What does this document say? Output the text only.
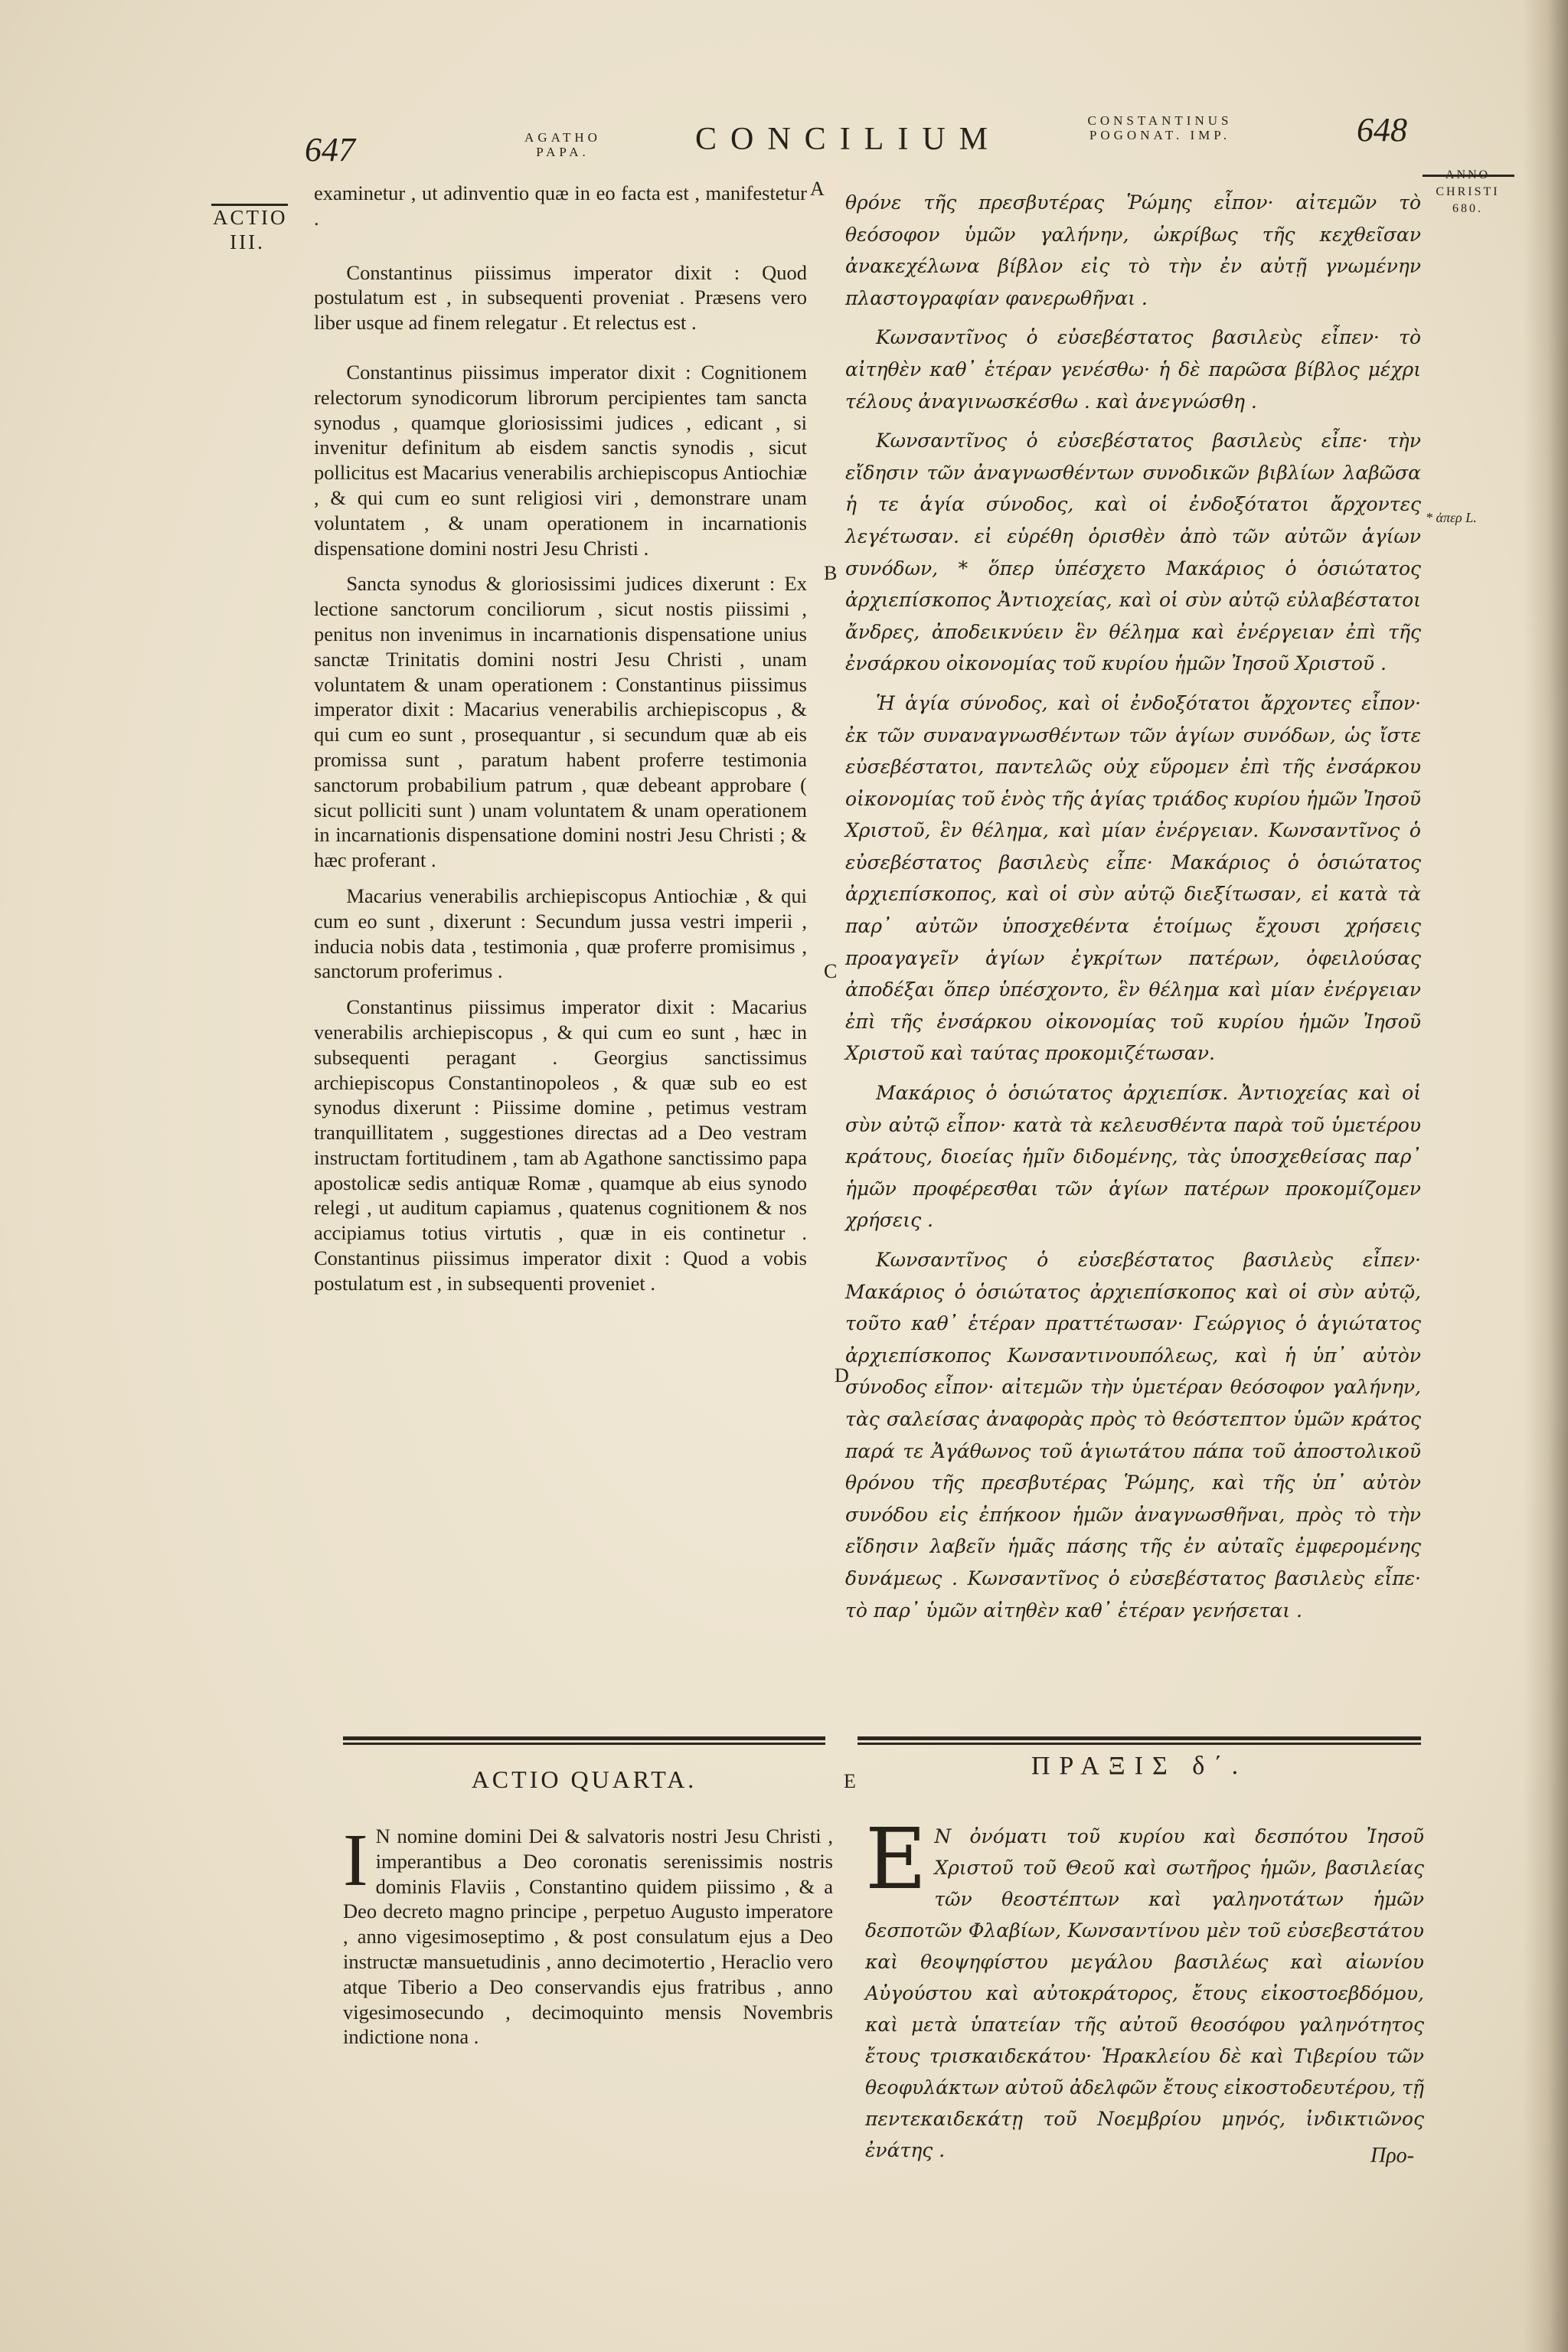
647	AGATHO
PAPA.	CONCILIUM
CONSTANTINUS
POGONAT. IMP.	648
ANNO
CHRISTI
680.
ACTIO
III.
A
B
C
D
E
* ἀπερ L.

examinetur , ut adinventio quæ in eo facta est , manifestetur .

Constantinus piissimus imperator dixit : Quod postulatum est , in subsequenti proveniat . Præsens vero liber usque ad finem relegatur . Et relectus est .

Constantinus piissimus imperator dixit : Cognitionem relectorum synodicorum librorum percipientes tam sancta synodus , quamque gloriosissimi judices , edicant , si invenitur definitum ab eisdem sanctis synodis , sicut pollicitus est Macarius venerabilis archiepiscopus Antiochiæ , & qui cum eo sunt religiosi viri , demonstrare unam voluntatem , & unam operationem in incarnationis dispensatione domini nostri Jesu Christi .

Sancta synodus & gloriosissimi judices dixerunt : Ex lectione sanctorum conciliorum , sicut nostis piissimi , penitus non invenimus in incarnationis dispensatione unius sanctæ Trinitatis domini nostri Jesu Christi , unam voluntatem & unam operationem : Constantinus piissimus imperator dixit : Macarius venerabilis archiepiscopus , & qui cum eo sunt , prosequantur , si secundum quæ ab eis promissa sunt , paratum habent proferre testimonia sanctorum probabilium patrum , quæ debeant approbare ( sicut polliciti sunt ) unam voluntatem & unam operationem in incarnationis dispensatione domini nostri Jesu Christi ; & hæc proferant .

Macarius venerabilis archiepiscopus Antiochiæ , & qui cum eo sunt , dixerunt : Secundum jussa vestri imperii , inducia nobis data , testimonia , quæ proferre promisimus , sanctorum proferimus .

Constantinus piissimus imperator dixit : Macarius venerabilis archiepiscopus , & qui cum eo sunt , hæc in subsequenti peragant . Georgius sanctissimus archiepiscopus Constantinopoleos , & quæ sub eo est synodus dixerunt : Piissime domine , petimus vestram tranquillitatem , suggestiones directas ad a Deo vestram instructam fortitudinem , tam ab Agathone sanctissimo papa apostolicæ sedis antiquæ Romæ , quamque ab eius synodo relegi , ut auditum capiamus , quatenus cognitionem & nos accipiamus totius virtutis , quæ in eis continetur . Constantinus piissimus imperator dixit : Quod a vobis postulatum est , in subsequenti proveniet .

θρόνε τῆς πρεσβυτέρας Ῥώμης εἶπον· αἰτεμῶν τὸ θεόσοφον ὑμῶν γαλήνην, ὠκρίβως τῆς κεχθεῖσαν ἀνακεχέλωνα βίβλον εἰς τὸ τὴν ἐν αὐτῇ γνωμένην πλαστογραφίαν φανερωθῆναι .

Κωνσαντῖνος ὁ εὐσεβέστατος βασιλεὺς εἶπεν· τὸ αἰτηθὲν καθ᾽ ἑτέραν γενέσθω· ἡ δὲ παρῶσα βίβλος μέχρι τέλους ἀναγινωσκέσθω . καὶ ἀνεγνώσθη .

Κωνσαντῖνος ὁ εὐσεβέστατος βασιλεὺς εἶπε· τὴν εἴδησιν τῶν ἀναγνωσθέντων συνοδικῶν βιβλίων λαβῶσα ἡ τε ἁγία σύνοδος, καὶ οἱ ἐνδοξότατοι ἄρχοντες λεγέτωσαν. εἰ εὑρέθη ὁρισθὲν ἀπὸ τῶν αὐτῶν ἁγίων συνόδων, * ὅπερ ὑπέσχετο Μακάριος ὁ ὁσιώτατος ἀρχιεπίσκοπος Ἀντιοχείας, καὶ οἱ σὺν αὐτῷ εὐλαβέστατοι ἄνδρες, ἀποδεικνύειν ἓν θέλημα καὶ ἐνέργειαν ἐπὶ τῆς ἐνσάρκου οἰκονομίας τοῦ κυρίου ἡμῶν Ἰησοῦ Χριστοῦ .

Ἡ ἁγία σύνοδος, καὶ οἱ ἐνδοξότατοι ἄρχοντες εἶπον· ἐκ τῶν συναναγνωσθέντων τῶν ἁγίων συνόδων, ὡς ἴστε εὐσεβέστατοι, παντελῶς οὐχ εὕρομεν ἐπὶ τῆς ἐνσάρκου οἰκονομίας τοῦ ἑνὸς τῆς ἁγίας τριάδος κυρίου ἡμῶν Ἰησοῦ Χριστοῦ, ἓν θέλημα, καὶ μίαν ἐνέργειαν. Κωνσαντῖνος ὁ εὐσεβέστατος βασιλεὺς εἶπε· Μακάριος ὁ ὁσιώτατος ἀρχιεπίσκοπος, καὶ οἱ σὺν αὐτῷ διεξίτωσαν, εἰ κατὰ τὰ παρ᾽ αὐτῶν ὑποσχεθέντα ἑτοίμως ἔχουσι χρήσεις προαγαγεῖν ἁγίων ἐγκρίτων πατέρων, ὀφειλούσας ἀποδέξαι ὅπερ ὑπέσχοντο, ἓν θέλημα καὶ μίαν ἐνέργειαν ἐπὶ τῆς ἐνσάρκου οἰκονομίας τοῦ κυρίου ἡμῶν Ἰησοῦ Χριστοῦ καὶ ταύτας προκομιζέτωσαν.

Μακάριος ὁ ὁσιώτατος ἀρχιεπίσκ. Ἀντιοχείας καὶ οἱ σὺν αὐτῷ εἶπον· κατὰ τὰ κελευσθέντα παρὰ τοῦ ὑμετέρου κράτους, διοείας ἡμῖν διδομένης, τὰς ὑποσχεθείσας παρ᾽ ἡμῶν προφέρεσθαι τῶν ἁγίων πατέρων προκομίζομεν χρήσεις .

Κωνσαντῖνος ὁ εὐσεβέστατος βασιλεὺς εἶπεν· Μακάριος ὁ ὁσιώτατος ἀρχιεπίσκοπος καὶ οἱ σὺν αὐτῷ, τοῦτο καθ᾽ ἑτέραν πραττέτωσαν· Γεώργιος ὁ ἁγιώτατος ἀρχιεπίσκοπος Κωνσαντινουπόλεως, καὶ ἡ ὑπ᾽ αὐτὸν σύνοδος εἶπον· αἰτεμῶν τὴν ὑμετέραν θεόσοφον γαλήνην, τὰς σαλείσας ἀναφορὰς πρὸς τὸ θεόστεπτον ὑμῶν κράτος παρά τε Ἀγάθωνος τοῦ ἁγιωτάτου πάπα τοῦ ἀποστολικοῦ θρόνου τῆς πρεσβυτέρας Ῥώμης, καὶ τῆς ὑπ᾽ αὐτὸν συνόδου εἰς ἐπήκοον ἡμῶν ἀναγνωσθῆναι, πρὸς τὸ τὴν εἴδησιν λαβεῖν ἡμᾶς πάσης τῆς ἐν αὐταῖς ἐμφερομένης δυνάμεως . Κωνσαντῖνος ὁ εὐσεβέστατος βασιλεὺς εἶπε· τὸ παρ᾽ ὑμῶν αἰτηθὲν καθ᾽ ἑτέραν γενήσεται .

ACTIO QUARTA.
I N nomine domini Dei & salvatoris nostri Jesu Christi , imperantibus a Deo coronatis serenissimis nostris dominis Flaviis , Constantino quidem piissimo , & a Deo decreto magno principe , perpetuo Augusto imperatore , anno vigesimoseptimo , & post consulatum ejus a Deo instructæ mansuetudinis , anno decimotertio , Heraclio vero atque Tiberio a Deo conservandis ejus fratribus , anno vigesimosecundo , decimoquinto mensis Novembris indictione nona .
ΠΡΑΞΙΣ δ΄.
Ε Ν ὀνόματι τοῦ κυρίου καὶ δεσπότου Ἰησοῦ Χριστοῦ τοῦ Θεοῦ καὶ σωτῆρος ἡμῶν, βασιλείας τῶν θεοστέπτων καὶ γαληνοτάτων ἡμῶν δεσποτῶν Φλαβίων, Κωνσαντίνου μὲν τοῦ εὐσεβεστάτου καὶ θεοψηφίστου μεγάλου βασιλέως καὶ αἰωνίου Αὐγούστου καὶ αὐτοκράτορος, ἔτους εἰκοστοεβδόμου, καὶ μετὰ ὑπατείαν τῆς αὐτοῦ θεοσόφου γαληνότητος ἔτους τρισκαιδεκάτου· Ἡρακλείου δὲ καὶ Τιβερίου τῶν θεοφυλάκτων αὐτοῦ ἀδελφῶν ἔτους εἰκοστοδευτέρου, τῇ πεντεκαιδεκάτῃ τοῦ Νοεμβρίου μηνός, ἰνδικτιῶνος ἐνάτης .	Προ-
